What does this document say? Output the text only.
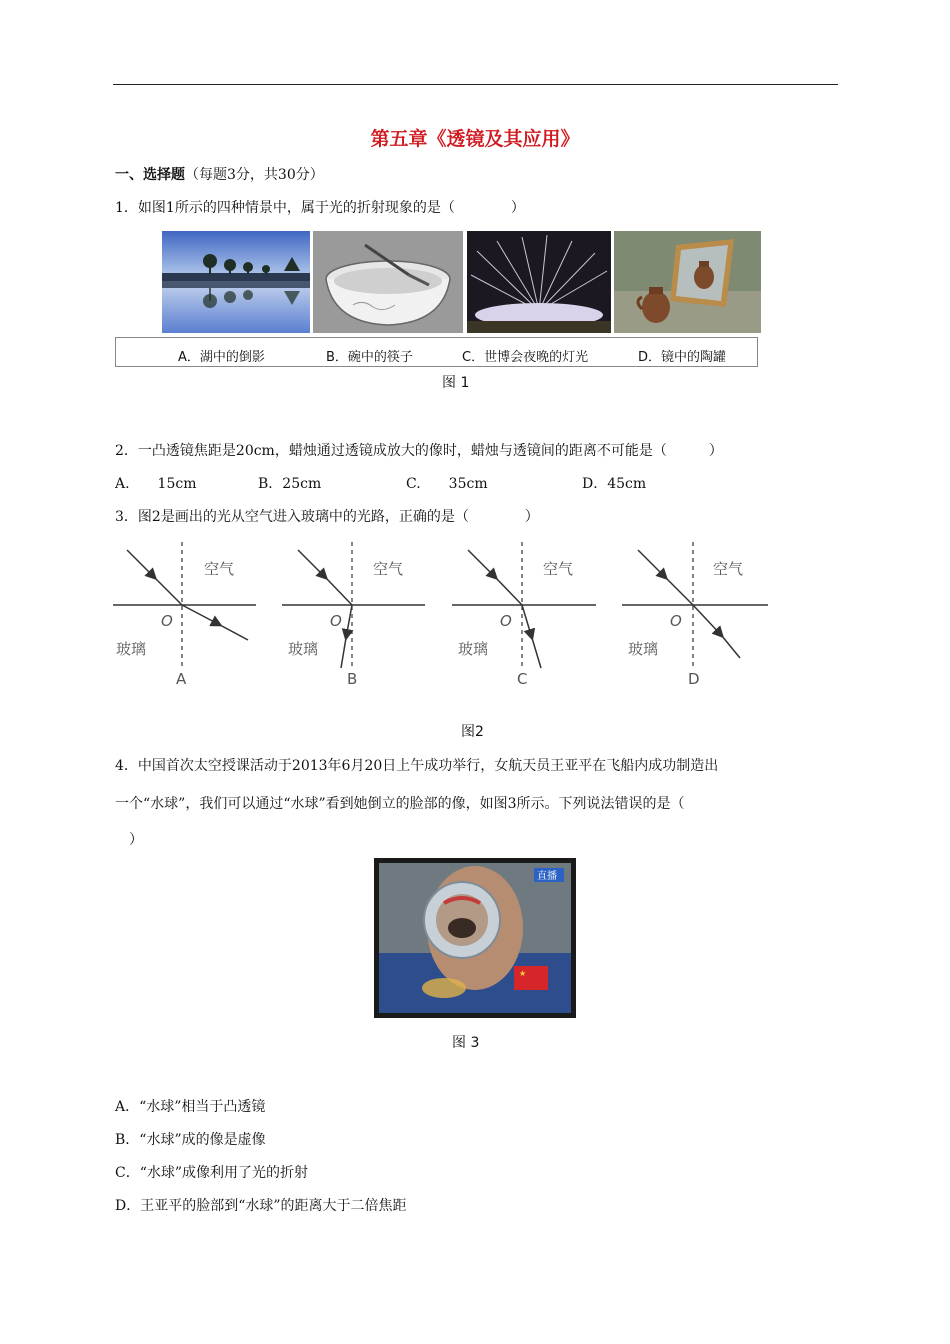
第五章《透镜及其应用》
一、选择题（每题3分，共30分）
1．如图1所示的四种情景中，属于光的折射现象的是（　　　　）
A．湖中的倒影	B．碗中的筷子	C．世博会夜晚的灯光	D．镜中的陶罐
图 1
2．一凸透镜焦距是20cm，蜡烛通过透镜成放大的像时，蜡烛与透镜间的距离不可能是（　　　）
A.　　15cm	B．25cm	C.　　35cm	D．45cm
3．图2是画出的光从空气进入玻璃中的光路，正确的是（　　　　）
空气
O
玻璃
A
空气
O
玻璃
B
空气
O
玻璃
C
空气
O
玻璃
D
图2
4．中国首次太空授课活动于2013年6月20日上午成功举行，女航天员王亚平在飞船内成功制造出
一个“水球”，我们可以通过“水球”看到她倒立的脸部的像，如图3所示。下列说法错误的是（
　）
★
直播
图 3
A．“水球”相当于凸透镜
B．“水球”成的像是虚像
C．“水球”成像利用了光的折射
D．王亚平的脸部到“水球”的距离大于二倍焦距
